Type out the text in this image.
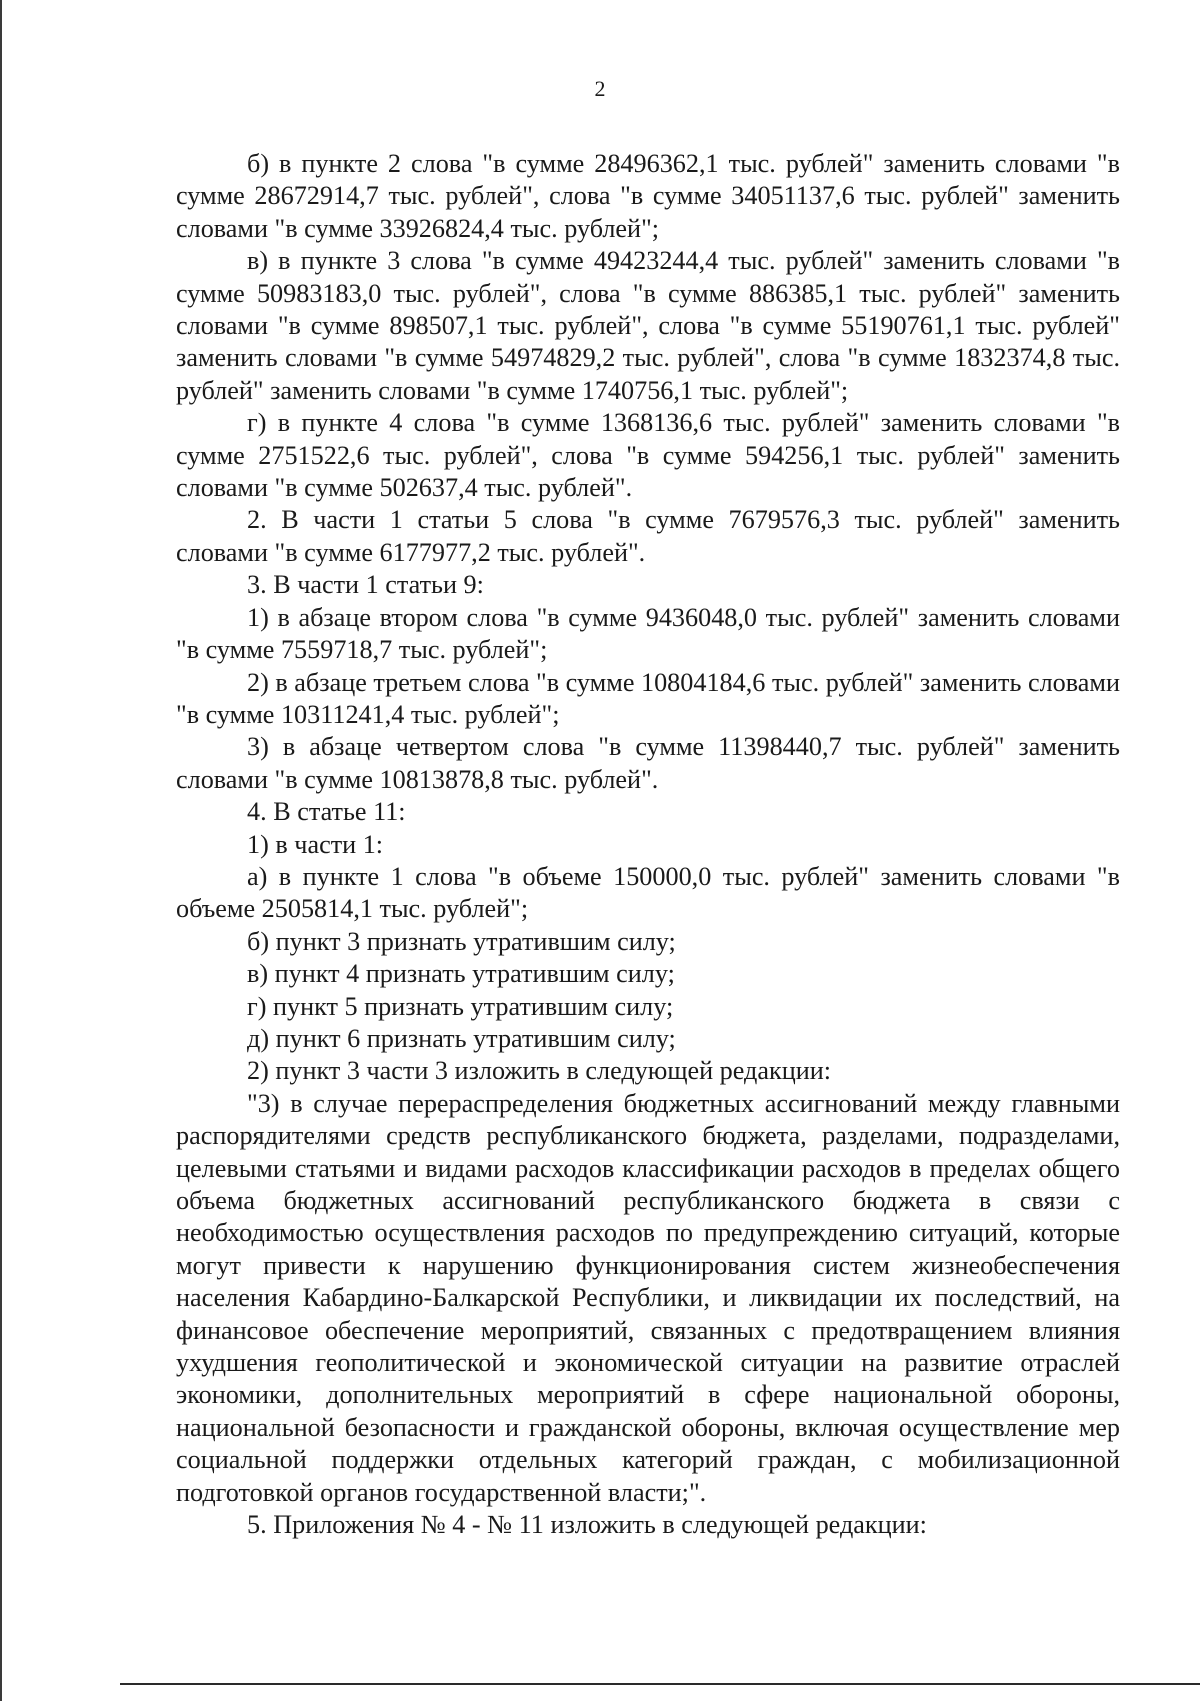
2

б) в пункте 2 слова "в сумме 28496362,1 тыс. рублей" заменить словами "в сумме 28672914,7 тыс. рублей", слова "в сумме 34051137,6 тыс. рублей" заменить словами "в сумме 33926824,4 тыс. рублей";

в) в пункте 3 слова "в сумме 49423244,4 тыс. рублей" заменить словами "в сумме 50983183,0 тыс. рублей", слова "в сумме 886385,1 тыс. рублей" заменить словами "в сумме 898507,1 тыс. рублей", слова "в сумме 55190761,1 тыс. рублей" заменить словами "в сумме 54974829,2 тыс. рублей", слова "в сумме 1832374,8 тыс. рублей" заменить словами "в сумме 1740756,1 тыс. рублей";

г) в пункте 4 слова "в сумме 1368136,6 тыс. рублей" заменить словами "в сумме 2751522,6 тыс. рублей", слова "в сумме 594256,1 тыс. рублей" заменить словами "в сумме 502637,4 тыс. рублей".

2. В части 1 статьи 5 слова "в сумме 7679576,3 тыс. рублей" заменить словами "в сумме 6177977,2 тыс. рублей".

3. В части 1 статьи 9:

1) в абзаце втором слова "в сумме 9436048,0 тыс. рублей" заменить словами "в сумме 7559718,7 тыс. рублей";

2) в абзаце третьем слова "в сумме 10804184,6 тыс. рублей" заменить словами "в сумме 10311241,4 тыс. рублей";

3) в абзаце четвертом слова "в сумме 11398440,7 тыс. рублей" заменить словами "в сумме 10813878,8 тыс. рублей".

4. В статье 11:

1) в части 1:

а) в пункте 1 слова "в объеме 150000,0 тыс. рублей" заменить словами "в объеме 2505814,1 тыс. рублей";

б) пункт 3 признать утратившим силу;

в) пункт 4 признать утратившим силу;

г) пункт 5 признать утратившим силу;

д) пункт 6 признать утратившим силу;

2) пункт 3 части 3 изложить в следующей редакции:

"3) в случае перераспределения бюджетных ассигнований между главными распорядителями средств республиканского бюджета, разделами, подразделами, целевыми статьями и видами расходов классификации расходов в пределах общего объема бюджетных ассигнований республиканского бюджета в связи с необходимостью осуществления расходов по предупреждению ситуаций, которые могут привести к нарушению функционирования систем жизнеобеспечения населения Кабардино-Балкарской Республики, и ликвидации их последствий, на финансовое обеспечение мероприятий, связанных с предотвращением влияния ухудшения геополитической и экономической ситуации на развитие отраслей экономики, дополнительных мероприятий в сфере национальной обороны, национальной безопасности и гражданской обороны, включая осуществление мер социальной поддержки отдельных категорий граждан, с мобилизационной подготовкой органов государственной власти;".

5. Приложения № 4 - № 11 изложить в следующей редакции:
